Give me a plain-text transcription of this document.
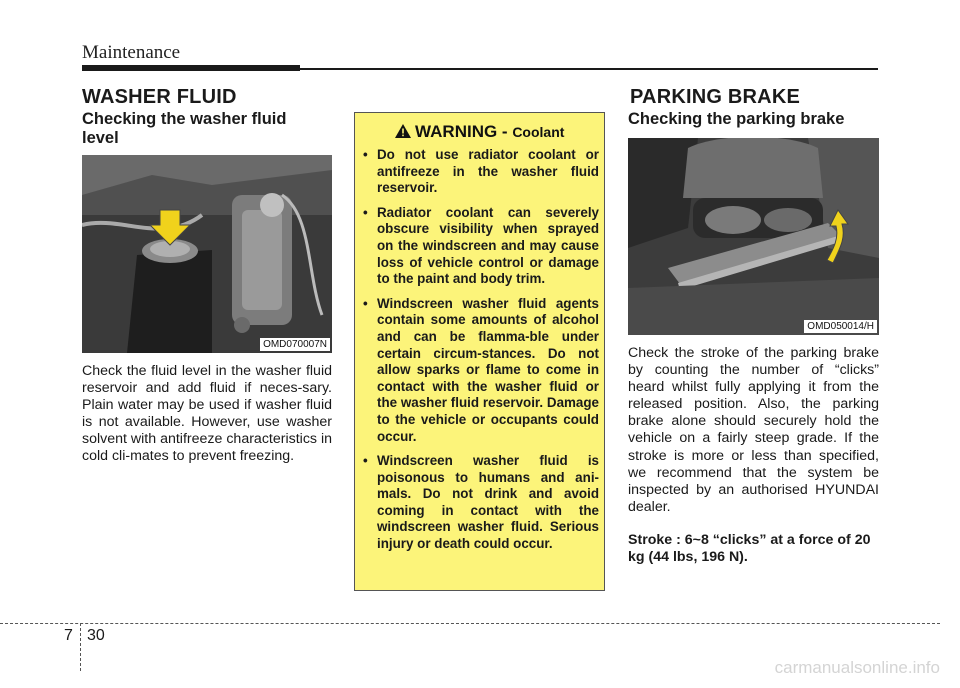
Maintenance
WASHER FLUID
Checking the washer fluid level
OMD070007N

Check the fluid level in the washer fluid reservoir and add fluid if neces-sary. Plain water may be used if washer fluid is not available. However, use washer solvent with antifreeze characteristics in cold cli-mates to prevent freezing.

WARNING - Coolant
• Do not use radiator coolant or antifreeze in the washer fluid reservoir.
• Radiator coolant can severely obscure visibility when sprayed on the windscreen and may cause loss of vehicle control or damage to the paint and body trim.
• Windscreen washer fluid agents contain some amounts of alcohol and can be flamma-ble under certain circum-stances. Do not allow sparks or flame to come in contact with the washer fluid or the washer fluid reservoir. Damage to the vehicle or occupants could occur.
• Windscreen washer fluid is poisonous to humans and ani-mals. Do not drink and avoid coming in contact with the windscreen washer fluid. Serious injury or death could occur.
PARKING BRAKE
Checking the parking brake
OMD050014/H

Check the stroke of the parking brake by counting the number of “clicks” heard whilst fully applying it from the released position. Also, the parking brake alone should securely hold the vehicle on a fairly steep grade. If the stroke is more or less than specified, we recommend that the system be inspected by an authorised HYUNDAI dealer.

Stroke : 6~8 “clicks” at a force of 20 kg (44 lbs, 196 N).
7 30
carmanualsonline.info
